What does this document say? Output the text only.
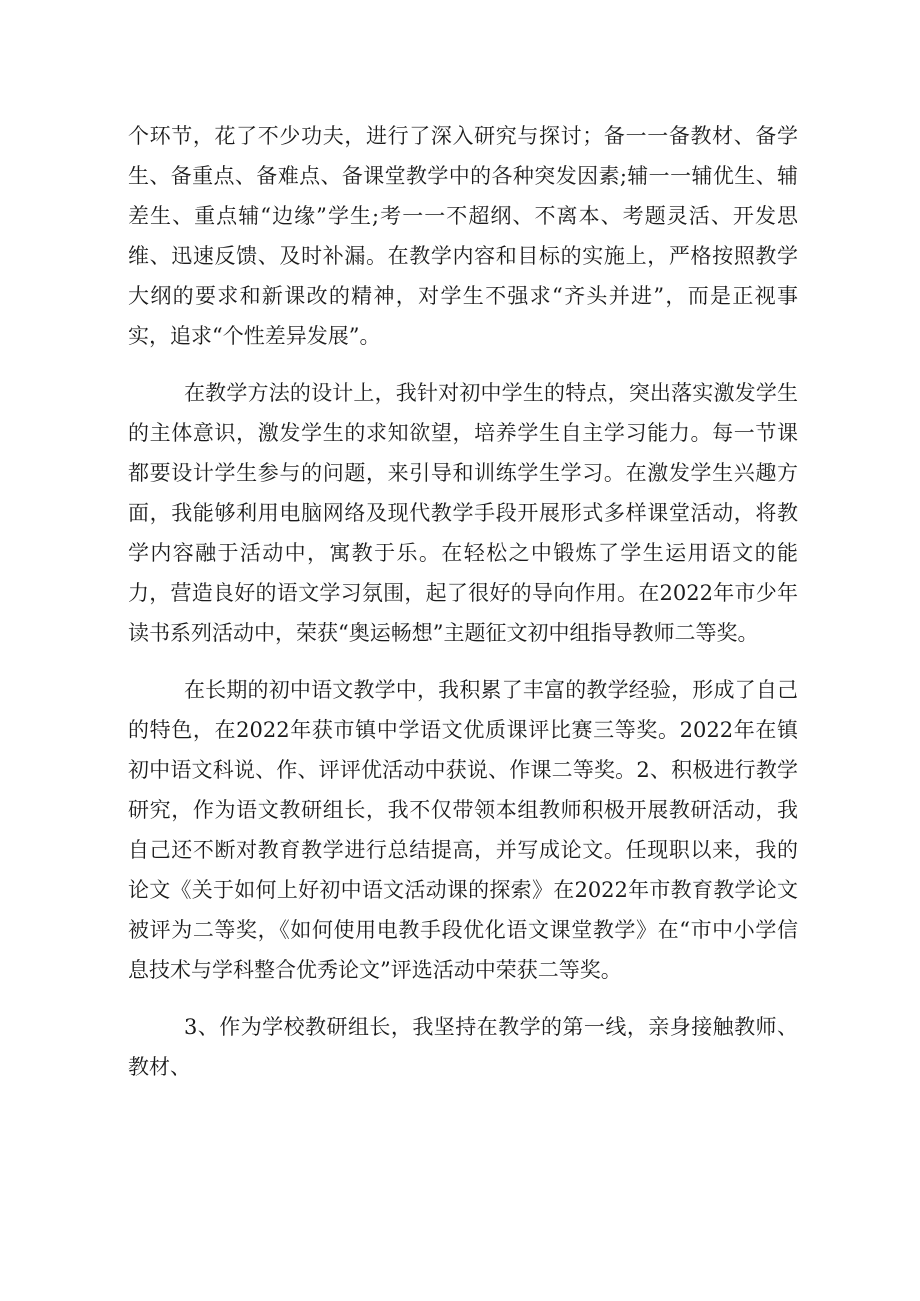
个环节，花了不少功夫，进行了深入研究与探讨；备一一备教材、备学生、备重点、备难点、备课堂教学中的各种突发因素;辅一一辅优生、辅差生、重点辅“边缘”学生;考一一不超纲、不离本、考题灵活、开发思维、迅速反馈、及时补漏。在教学内容和目标的实施上，严格按照教学大纲的要求和新课改的精神，对学生不强求“齐头并进”，而是正视事实，追求“个性差异发展”。

在教学方法的设计上，我针对初中学生的特点，突出落实激发学生的主体意识，激发学生的求知欲望，培养学生自主学习能力。每一节课都要设计学生参与的问题，来引导和训练学生学习。在激发学生兴趣方面，我能够利用电脑网络及现代教学手段开展形式多样课堂活动，将教学内容融于活动中，寓教于乐。在轻松之中锻炼了学生运用语文的能力，营造良好的语文学习氛围，起了很好的导向作用。在2022年市少年读书系列活动中，荣获“奥运畅想”主题征文初中组指导教师二等奖。

在长期的初中语文教学中，我积累了丰富的教学经验，形成了自己的特色，在2022年获市镇中学语文优质课评比赛三等奖。2022年在镇初中语文科说、作、评评优活动中获说、作课二等奖。2、积极进行教学研究，作为语文教研组长，我不仅带领本组教师积极开展教研活动，我自己还不断对教育教学进行总结提高，并写成论文。任现职以来，我的论文《关于如何上好初中语文活动课的探索》在2022年市教育教学论文被评为二等奖，《如何使用电教手段优化语文课堂教学》在“市中小学信息技术与学科整合优秀论文”评选活动中荣获二等奖。

3、作为学校教研组长，我坚持在教学的第一线，亲身接触教师、教材、
